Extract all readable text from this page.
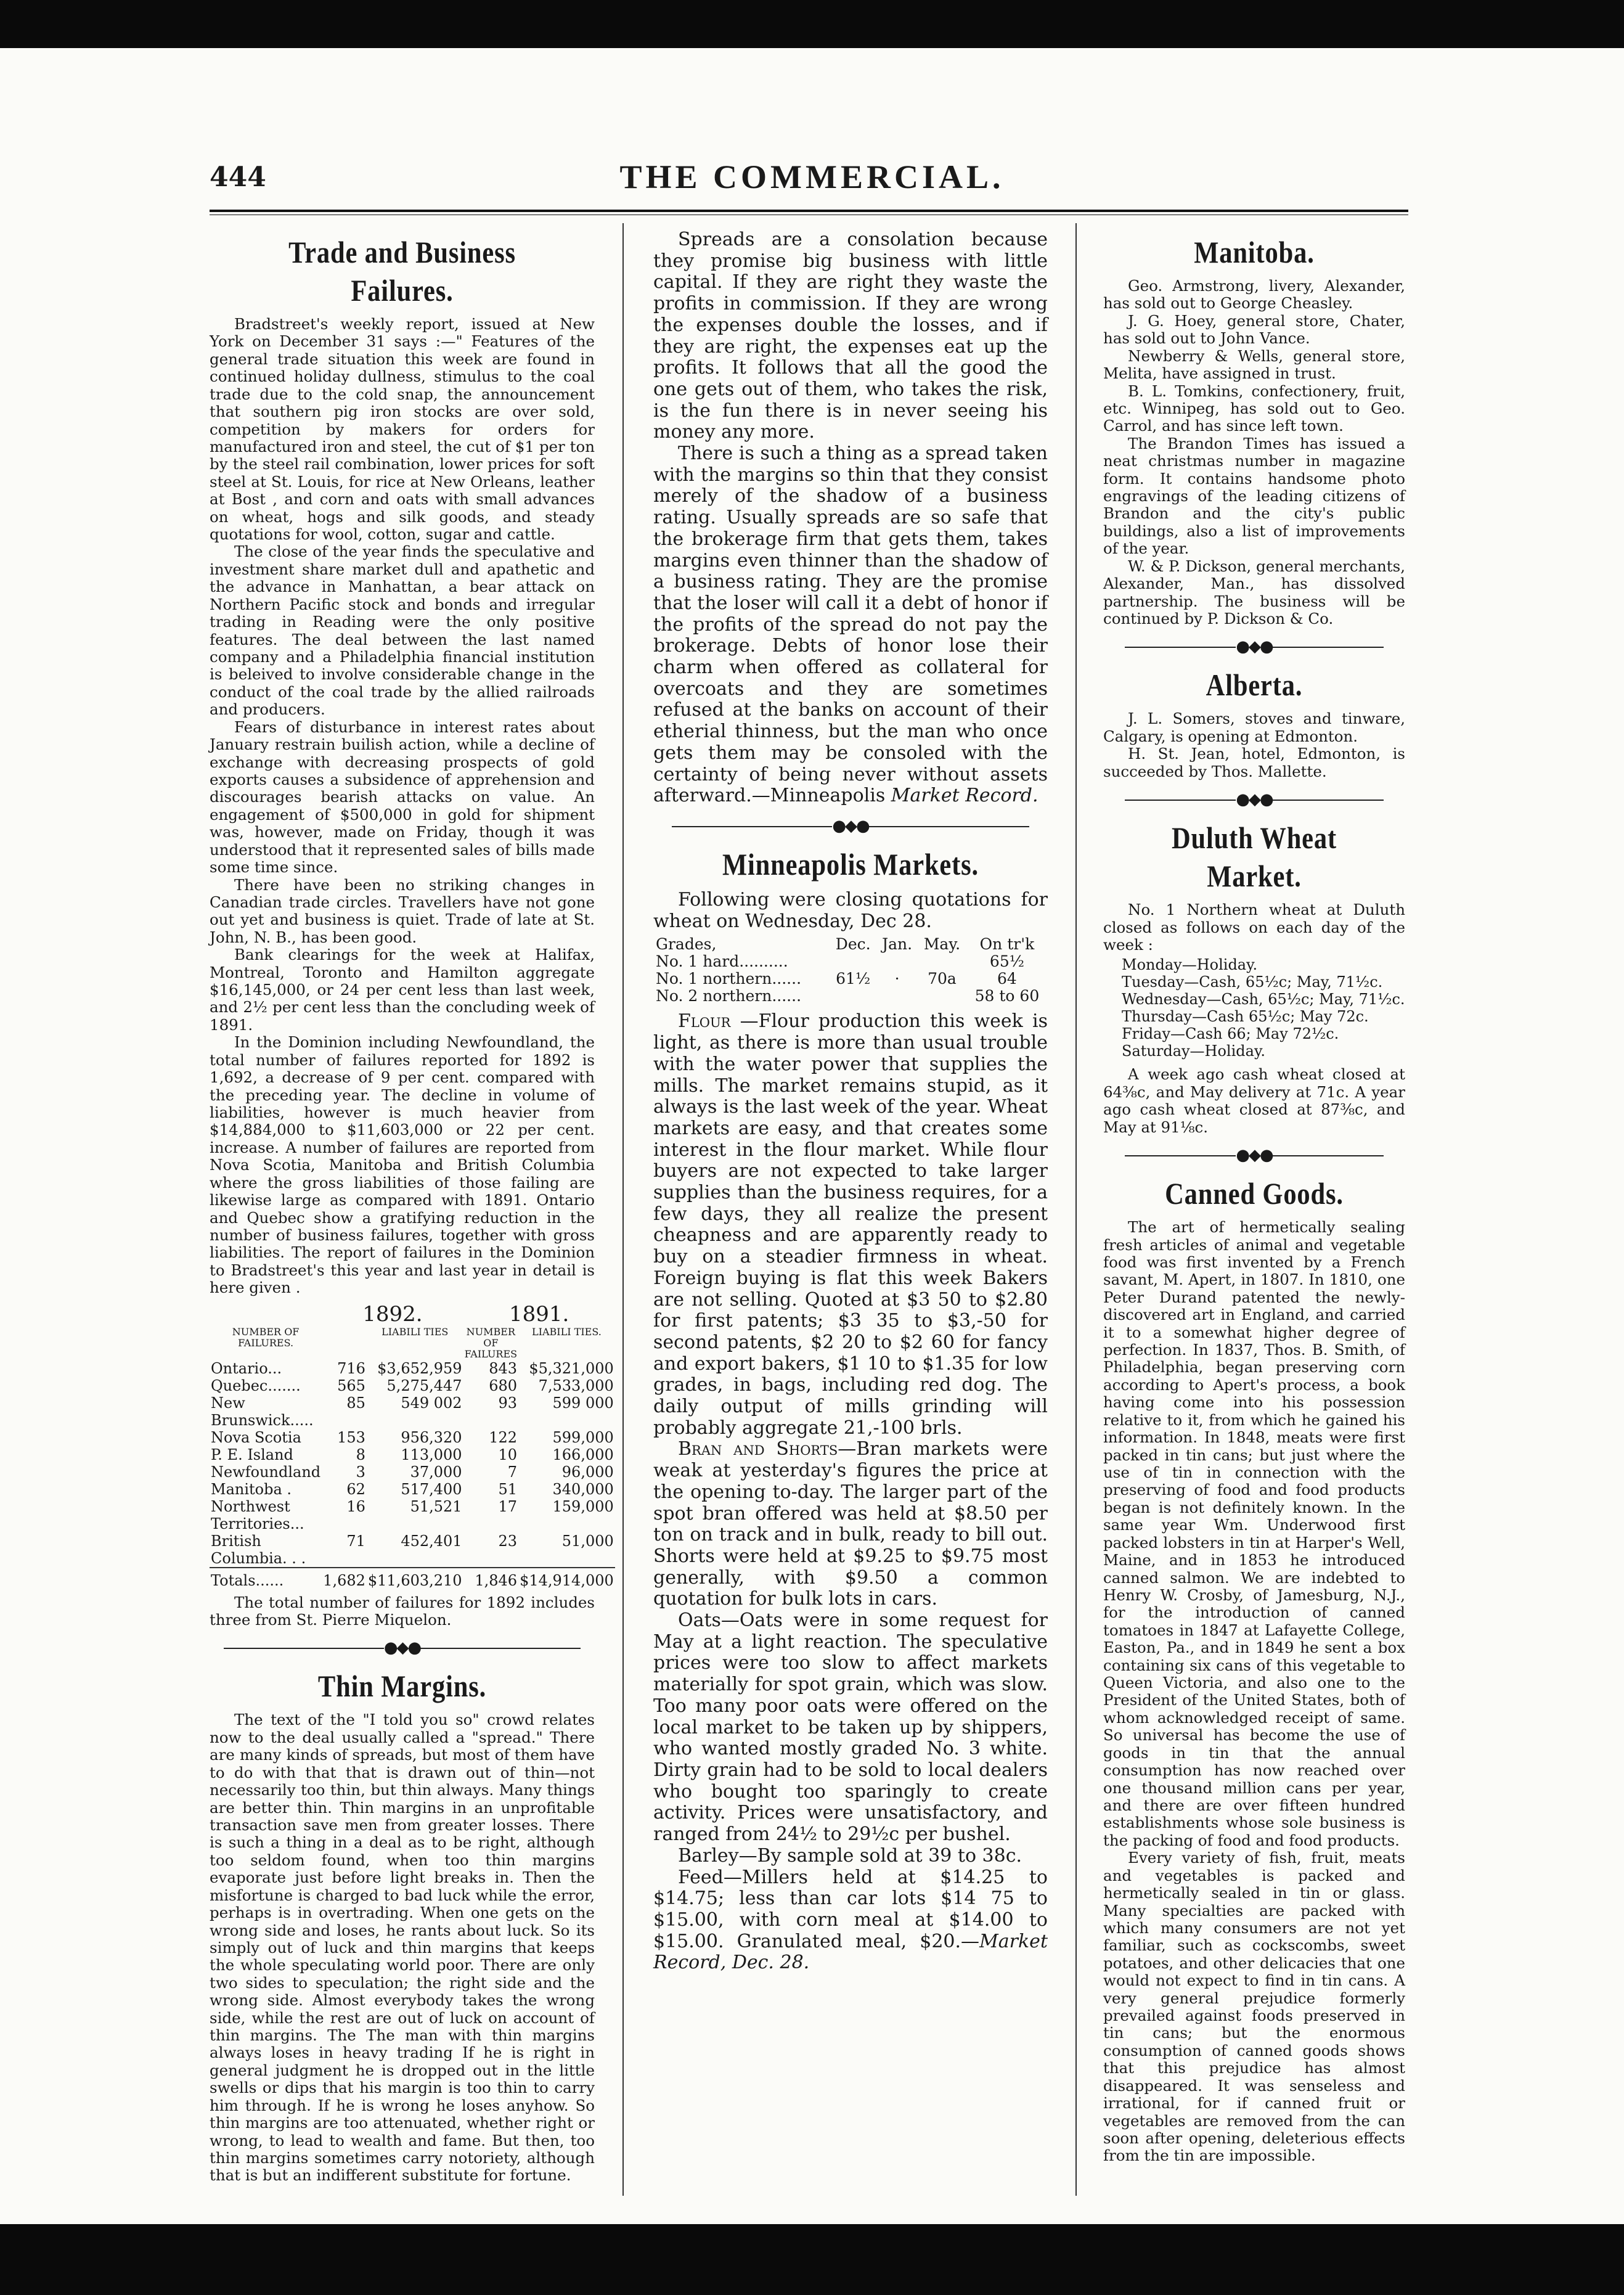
444	THE COMMERCIAL.
Trade and Business Failures.

Bradstreet's weekly report, issued at New York on December 31 says :—" Features of the general trade situation this week are found in continued holiday dullness, stimulus to the coal trade due to the cold snap, the announcement that southern pig iron stocks are over sold, competition by makers for orders for manufactured iron and steel, the cut of $1 per ton by the steel rail combination, lower prices for soft steel at St. Louis, for rice at New Orleans, leather at Bost , and corn and oats with small advances on wheat, hogs and silk goods, and steady quotations for wool, cotton, sugar and cattle.

The close of the year finds the speculative and investment share market dull and apathetic and the advance in Manhattan, a bear attack on Northern Pacific stock and bonds and irregular trading in Reading were the only positive features. The deal between the last named company and a Philadelphia financial institution is beleived to involve considerable change in the conduct of the coal trade by the allied railroads and producers.

Fears of disturbance in interest rates about January restrain builish action, while a decline of exchange with decreasing prospects of gold exports causes a subsidence of apprehension and discourages bearish attacks on value. An engagement of $500,000 in gold for shipment was, however, made on Friday, though it was understood that it represented sales of bills made some time since.

There have been no striking changes in Canadian trade circles. Travellers have not gone out yet and business is quiet. Trade of late at St. John, N. B., has been good.

Bank clearings for the week at Halifax, Montreal, Toronto and Hamilton aggregate $16,145,000, or 24 per cent less than last week, and 2½ per cent less than the concluding week of 1891.

In the Dominion including Newfoundland, the total number of failures reported for 1892 is 1,692, a decrease of 9 per cent. compared with the preceding year. The decline in volume of liabilities, however is much heavier from $14,884,000 to $11,603,000 or 22 per cent. increase. A number of failures are reported from Nova Scotia, Manitoba and British Columbia where the gross liabilities of those failing are likewise large as compared with 1891. Ontario and Quebec show a gratifying reduction in the number of business failures, together with gross liabilities. The report of failures in the Dominion to Bradstreet's this year and last year in detail is here given .

	1892.		1891.	
NUMBER OF FAILURES.		LIABILI TIES	NUMBER OF FAILURES	LIABILI TIES.
Ontario...	716	$3,652,959	843	$5,321,000
Quebec.......	565	5,275,447	680	7,533,000
New Brunswick.....	85	549 002	93	599 000
Nova Scotia	153	956,320	122	599,000
P. E. Island	8	113,000	10	166,000
Newfoundland	3	37,000	7	96,000
Manitoba .	62	517,400	51	340,000
Northwest Territories...	16	51,521	17	159,000
British Columbia. . .	71	452,401	23	51,000
Totals......	1,682	$11,603,210	1,846	$14,914,000

The total number of failures for 1892 includes three from St. Pierre Miquelon.

●◆●
Thin Margins.

The text of the "I told you so" crowd relates now to the deal usually called a "spread." There are many kinds of spreads, but most of them have to do with that that is drawn out of thin—not necessarily too thin, but thin always. Many things are better thin. Thin margins in an unprofitable transaction save men from greater losses. There is such a thing in a deal as to be right, although too seldom found, when too thin margins evaporate just before light breaks in. Then the misfortune is charged to bad luck while the error, perhaps is in overtrading. When one gets on the wrong side and loses, he rants about luck. So its simply out of luck and thin margins that keeps the whole speculating world poor. There are only two sides to speculation; the right side and the wrong side. Almost everybody takes the wrong side, while the rest are out of luck on account of thin margins. The The man with thin margins always loses in heavy trading If he is right in general judgment he is dropped out in the little swells or dips that his margin is too thin to carry him through. If he is wrong he loses anyhow. So thin margins are too attenuated, whether right or wrong, to lead to wealth and fame. But then, too thin margins sometimes carry notoriety, although that is but an indifferent substitute for fortune.

Spreads are a consolation because they promise big business with little capital. If they are right they waste the profits in commission. If they are wrong the expenses double the losses, and if they are right, the expenses eat up the profits. It follows that all the good the one gets out of them, who takes the risk, is the fun there is in never seeing his money any more.

There is such a thing as a spread taken with the margins so thin that they consist merely of the shadow of a business rating. Usually spreads are so safe that the brokerage firm that gets them, takes margins even thinner than the shadow of a business rating. They are the promise that the loser will call it a debt of honor if the profits of the spread do not pay the brokerage. Debts of honor lose their charm when offered as collateral for overcoats and they are sometimes refused at the banks on account of their etherial thinness, but the man who once gets them may be consoled with the certainty of being never without assets afterward.—Minneapolis Market Record.

●◆●
Minneapolis Markets.

Following were closing quotations for wheat on Wednesday, Dec 28.

Grades,	Dec.	Jan.	May.	On tr'k
No. 1 hard..........				65½
No. 1 northern......	61½	·	70a	64
No. 2 northern......				58 to 60

Flour —Flour production this week is light, as there is more than usual trouble with the water power that supplies the mills. The market remains stupid, as it always is the last week of the year. Wheat markets are easy, and that creates some interest in the flour market. While flour buyers are not expected to take larger supplies than the business requires, for a few days, they all realize the present cheapness and are apparently ready to buy on a steadier firmness in wheat. Foreign buying is flat this week Bakers are not selling. Quoted at $3 50 to $2.80 for first patents; $3 35 to $3,-50 for second patents, $2 20 to $2 60 for fancy and export bakers, $1 10 to $1.35 for low grades, in bags, including red dog. The daily output of mills grinding will probably aggregate 21,-100 brls.

Bran and Shorts—Bran markets were weak at yesterday's figures the price at the opening to-day. The larger part of the spot bran offered was held at $8.50 per ton on track and in bulk, ready to bill out. Shorts were held at $9.25 to $9.75 most generally, with $9.50 a common quotation for bulk lots in cars.

Oats—Oats were in some request for May at a light reaction. The speculative prices were too slow to affect markets materially for spot grain, which was slow. Too many poor oats were offered on the local market to be taken up by shippers, who wanted mostly graded No. 3 white. Dirty grain had to be sold to local dealers who bought too sparingly to create activity. Prices were unsatisfactory, and ranged from 24½ to 29½c per bushel.

Barley—By sample sold at 39 to 38c.

Feed—Millers held at $14.25 to $14.75; less than car lots $14 75 to $15.00, with corn meal at $14.00 to $15.00. Granulated meal, $20.—Market Record, Dec. 28.

Manitoba.

Geo. Armstrong, livery, Alexander, has sold out to George Cheasley.

J. G. Hoey, general store, Chater, has sold out to John Vance.

Newberry & Wells, general store, Melita, have assigned in trust.

B. L. Tomkins, confectionery, fruit, etc. Winnipeg, has sold out to Geo. Carrol, and has since left town.

The Brandon Times has issued a neat christmas number in magazine form. It contains handsome photo engravings of the leading citizens of Brandon and the city's public buildings, also a list of improvements of the year.

W. & P. Dickson, general merchants, Alexander, Man., has dissolved partnership. The business will be continued by P. Dickson & Co.

●◆●
Alberta.

J. L. Somers, stoves and tinware, Calgary, is opening at Edmonton.

H. St. Jean, hotel, Edmonton, is succeeded by Thos. Mallette.

●◆●
Duluth Wheat Market.

No. 1 Northern wheat at Duluth closed as follows on each day of the week :

Monday—Holiday.
Tuesday—Cash, 65½c; May, 71½c.
Wednesday—Cash, 65½c; May, 71½c.
Thursday—Cash 65½c; May 72c.
Friday—Cash 66; May 72½c.
Saturday—Holiday.

A week ago cash wheat closed at 64⅜c, and May delivery at 71c. A year ago cash wheat closed at 87⅜c, and May at 91⅛c.

●◆●
Canned Goods.

The art of hermetically sealing fresh articles of animal and vegetable food was first invented by a French savant, M. Apert, in 1807. In 1810, one Peter Durand patented the newly-discovered art in England, and carried it to a somewhat higher degree of perfection. In 1837, Thos. B. Smith, of Philadelphia, began preserving corn according to Apert's process, a book having come into his possession relative to it, from which he gained his information. In 1848, meats were first packed in tin cans; but just where the use of tin in connection with the preserving of food and food products began is not definitely known. In the same year Wm. Underwood first packed lobsters in tin at Harper's Well, Maine, and in 1853 he introduced canned salmon. We are indebted to Henry W. Crosby, of Jamesburg, N.J., for the introduction of canned tomatoes in 1847 at Lafayette College, Easton, Pa., and in 1849 he sent a box containing six cans of this vegetable to Queen Victoria, and also one to the President of the United States, both of whom acknowledged receipt of same. So universal has become the use of goods in tin that the annual consumption has now reached over one thousand million cans per year, and there are over fifteen hundred establishments whose sole business is the packing of food and food products.

Every variety of fish, fruit, meats and vegetables is packed and hermetically sealed in tin or glass. Many specialties are packed with which many consumers are not yet familiar, such as cockscombs, sweet potatoes, and other delicacies that one would not expect to find in tin cans. A very general prejudice formerly prevailed against foods preserved in tin cans; but the enormous consumption of canned goods shows that this prejudice has almost disappeared. It was senseless and irrational, for if canned fruit or vegetables are removed from the can soon after opening, deleterious effects from the tin are impossible.
